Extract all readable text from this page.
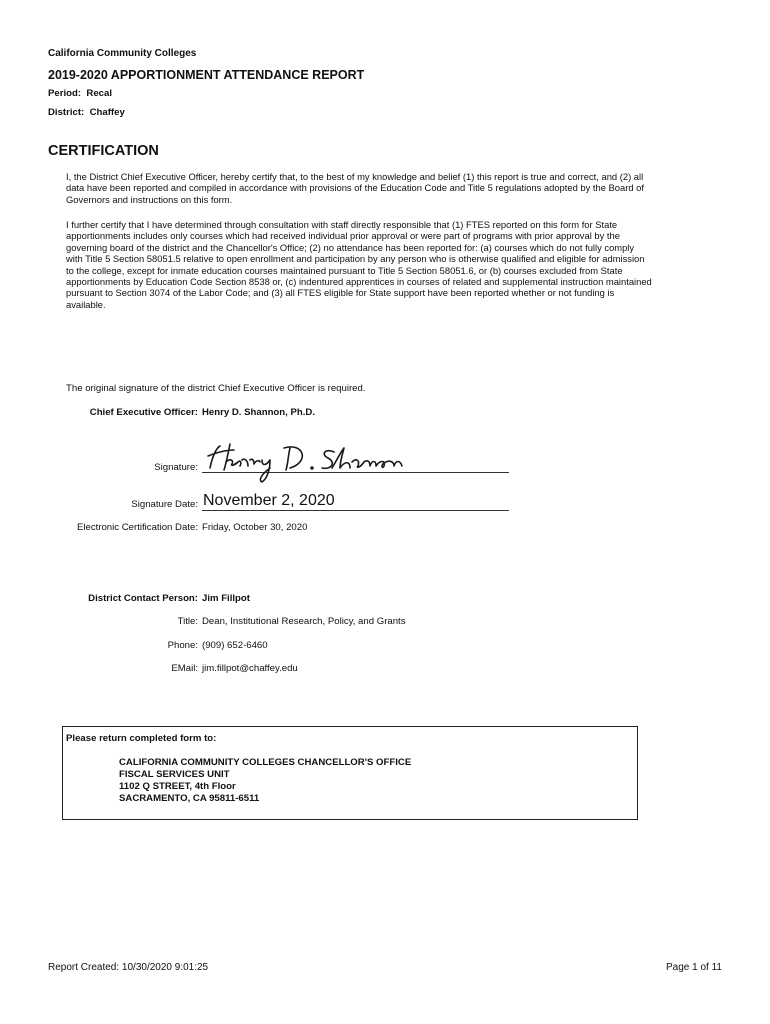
California Community Colleges
2019-2020 APPORTIONMENT ATTENDANCE REPORT
Period: Recal
District: Chaffey
CERTIFICATION
I, the District Chief Executive Officer, hereby certify that, to the best of my knowledge and belief (1) this report is true and correct, and (2) all data have been reported and compiled in accordance with provisions of the Education Code and Title 5 regulations adopted by the Board of Governors and instructions on this form.
I further certify that I have determined through consultation with staff directly responsible that (1) FTES reported on this form for State apportionments includes only courses which had received individual prior approval or were part of programs with prior approval by the governing board of the district and the Chancellor's Office; (2) no attendance has been reported for: (a) courses which do not fully comply with Title 5 Section 58051.5 relative to open enrollment and participation by any person who is otherwise qualified and eligible for admission to the college, except for inmate education courses maintained pursuant to Title 5 Section 58051.6, or (b) courses excluded from State apportionments by Education Code Section 8538 or, (c) indentured apprentices in courses of related and supplemental instruction maintained pursuant to Section 3074 of the Labor Code; and (3) all FTES eligible for State support have been reported whether or not funding is available.
The original signature of the district Chief Executive Officer is required.
Chief Executive Officer: Henry D. Shannon, Ph.D.
Signature:
Signature Date: November 2, 2020
Electronic Certification Date: Friday, October 30, 2020
District Contact Person: Jim Fillpot
Title: Dean, Institutional Research, Policy, and Grants
Phone: (909) 652-6460
EMail: jim.fillpot@chaffey.edu
Please return completed form to:
CALIFORNIA COMMUNITY COLLEGES CHANCELLOR'S OFFICE
FISCAL SERVICES UNIT
1102 Q STREET, 4th Floor
SACRAMENTO, CA 95811-6511
Report Created: 10/30/2020 9:01:25	Page 1 of 11
